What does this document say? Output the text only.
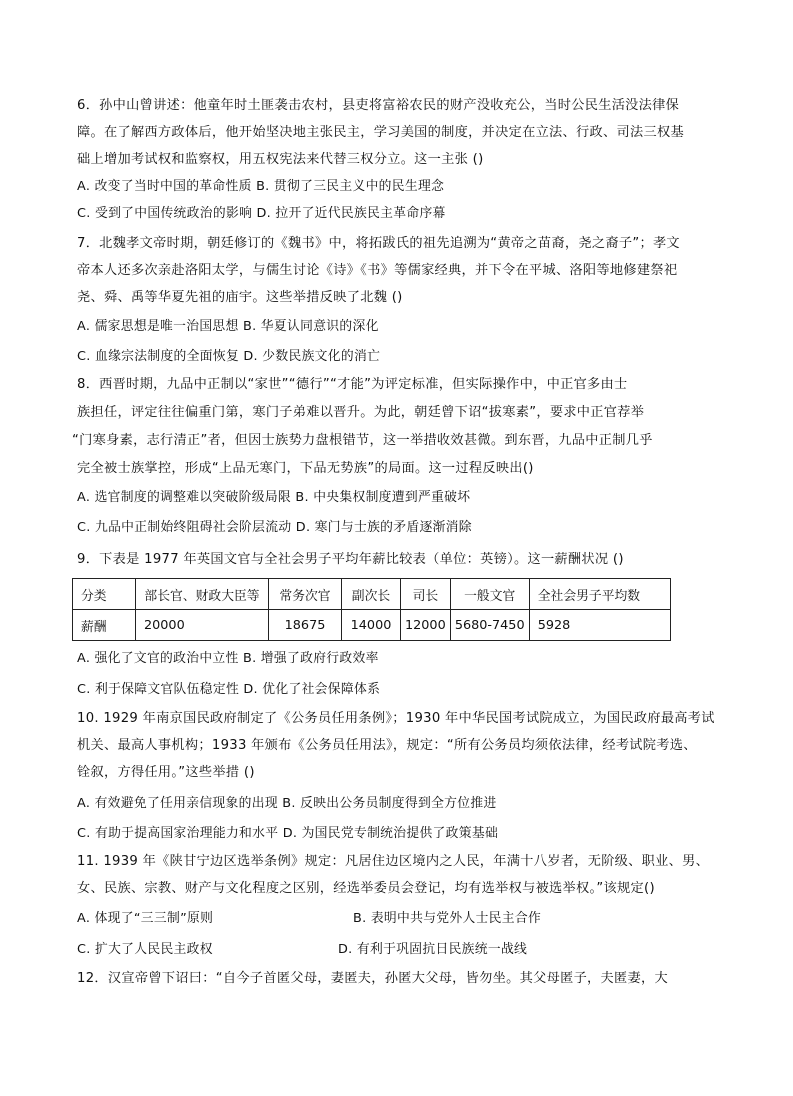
6．孙中山曾讲述：他童年时土匪袭击农村，县吏将富裕农民的财产没收充公，当时公民生活没法律保
障。在了解西方政体后，他开始坚决地主张民主，学习美国的制度，并决定在立法、行政、司法三权基
础上增加考试权和监察权，用五权宪法来代替三权分立。这一主张 ()
A. 改变了当时中国的革命性质 B. 贯彻了三民主义中的民生理念
C. 受到了中国传统政治的影响 D. 拉开了近代民族民主革命序幕
7．北魏孝文帝时期，朝廷修订的《魏书》中，将拓跋氏的祖先追溯为“黄帝之苗裔，尧之裔子”；孝文
帝本人还多次亲赴洛阳太学，与儒生讨论《诗》《书》等儒家经典，并下令在平城、洛阳等地修建祭祀
尧、舜、禹等华夏先祖的庙宇。这些举措反映了北魏 ()
A. 儒家思想是唯一治国思想 B. 华夏认同意识的深化
C. 血缘宗法制度的全面恢复 D. 少数民族文化的消亡
8．西晋时期，九品中正制以“家世”“德行”“才能”为评定标准，但实际操作中，中正官多由士
族担任，评定往往偏重门第，寒门子弟难以晋升。为此，朝廷曾下诏“拔寒素”，要求中正官荐举
“门寒身素，志行清正”者，但因士族势力盘根错节，这一举措收效甚微。到东晋，九品中正制几乎
完全被士族掌控，形成“上品无寒门，下品无势族”的局面。这一过程反映出()
A. 选官制度的调整难以突破阶级局限 B. 中央集权制度遭到严重破坏
C. 九品中正制始终阻碍社会阶层流动 D. 寒门与士族的矛盾逐渐消除
9．下表是 1977 年英国文官与全社会男子平均年薪比较表（单位：英镑）。这一薪酬状况 ()
分类	部长官、财政大臣等	常务次官	副次长	司长	一般文官	全社会男子平均数
薪酬	20000	18675	14000	12000	5680-7450	5928
A. 强化了文官的政治中立性 B. 增强了政府行政效率
C. 利于保障文官队伍稳定性 D. 优化了社会保障体系
10. 1929 年南京国民政府制定了《公务员任用条例》；1930 年中华民国考试院成立，为国民政府最高考试
机关、最高人事机构；1933 年颁布《公务员任用法》，规定：“所有公务员均须依法律，经考试院考选、
铨叙，方得任用。”这些举措 ()
A. 有效避免了任用亲信现象的出现 B. 反映出公务员制度得到全方位推进
C. 有助于提高国家治理能力和水平 D. 为国民党专制统治提供了政策基础
11. 1939 年《陕甘宁边区选举条例》规定：凡居住边区境内之人民，年满十八岁者，无阶级、职业、男、
女、民族、宗教、财产与文化程度之区别，经选举委员会登记，均有选举权与被选举权。”该规定()
A. 体现了“三三制”原则	B. 表明中共与党外人士民主合作
C. 扩大了人民民主政权	D. 有利于巩固抗日民族统一战线
12．汉宣帝曾下诏曰：“自今子首匿父母，妻匿夫，孙匿大父母，皆勿坐。其父母匿子，夫匿妻，大
